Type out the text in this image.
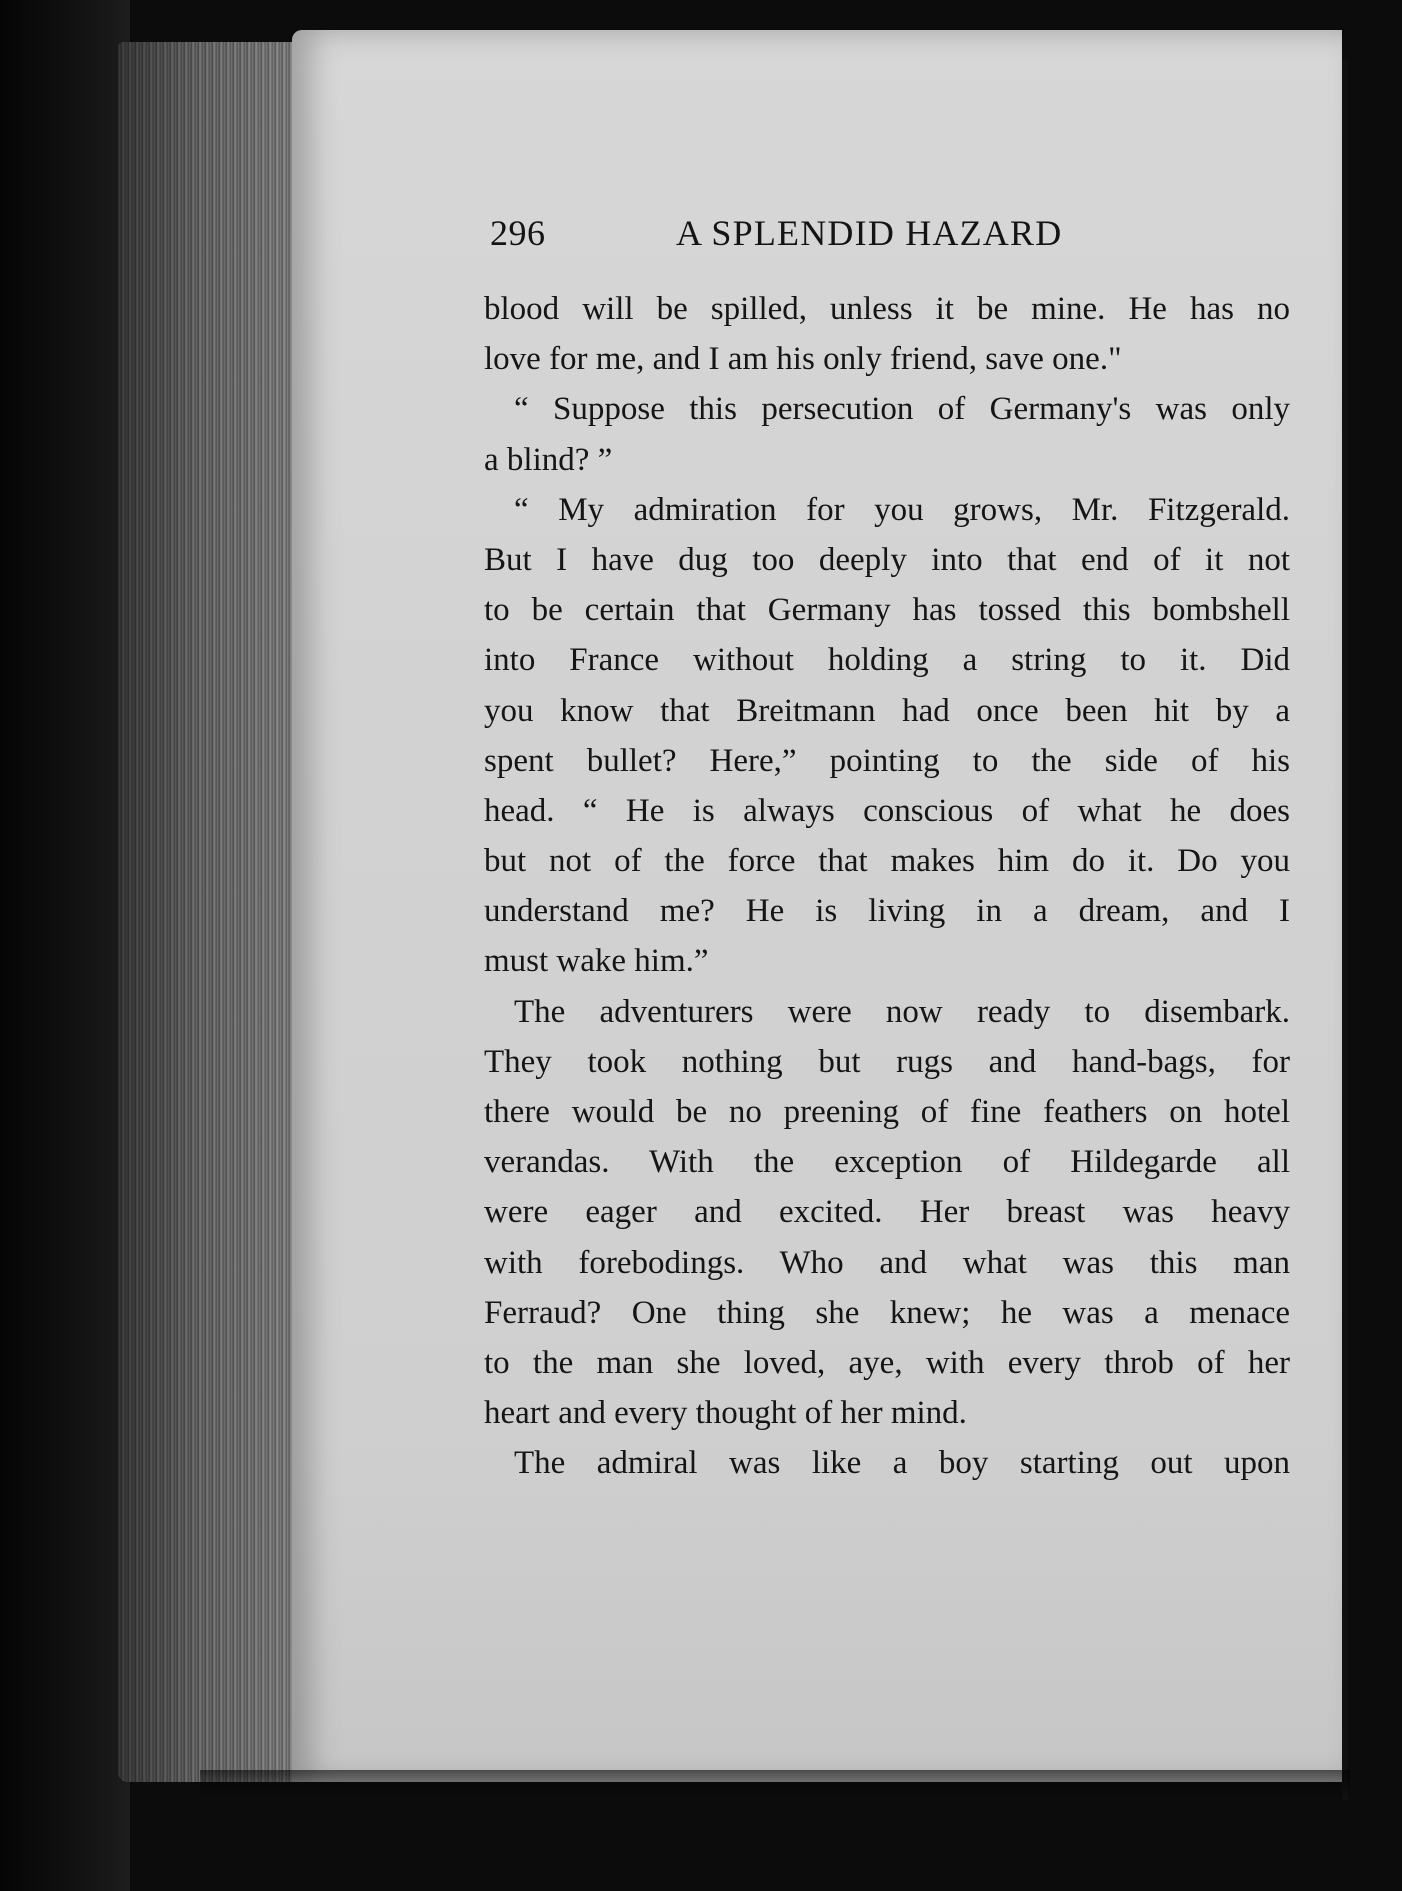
296	A SPLENDID HAZARD
blood will be spilled, unless it be mine. He has no
love for me, and I am his only friend, save one."
“ Suppose this persecution of Germany's was only
a blind? ”
“ My admiration for you grows, Mr. Fitzgerald.
But I have dug too deeply into that end of it not
to be certain that Germany has tossed this bombshell
into France without holding a string to it. Did
you know that Breitmann had once been hit by a
spent bullet? Here,” pointing to the side of his
head. “ He is always conscious of what he does
but not of the force that makes him do it. Do you
understand me? He is living in a dream, and I
must wake him.”
The adventurers were now ready to disembark.
They took nothing but rugs and hand-bags, for
there would be no preening of fine feathers on hotel
verandas. With the exception of Hildegarde all
were eager and excited. Her breast was heavy
with forebodings. Who and what was this man
Ferraud? One thing she knew; he was a menace
to the man she loved, aye, with every throb of her
heart and every thought of her mind.
The admiral was like a boy starting out upon
